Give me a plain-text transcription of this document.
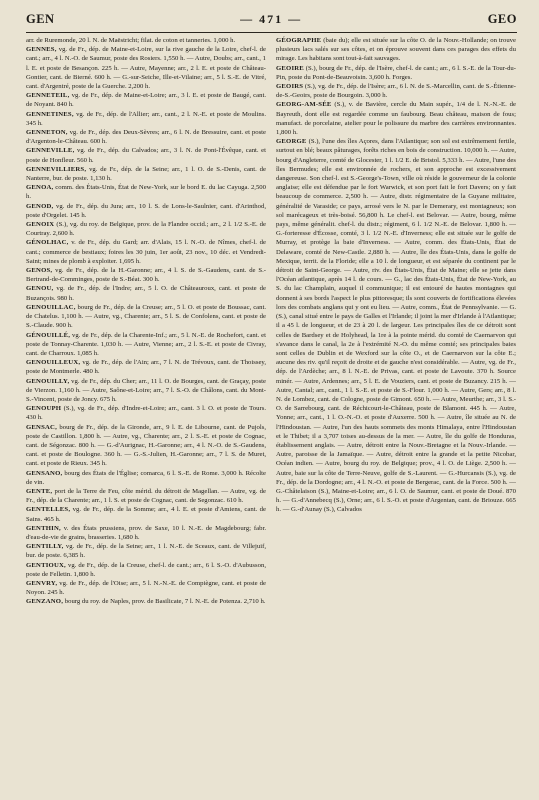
GEN	— 471 —	GEO

arr. de Ruremonde, 20 l. N. de Maëstricht; filat. de coton et tanneries. 1,000 h.

GENNES, vg. de Fr., dép. de Maine-et-Loire, sur la rive gauche de la Loire, chef-l. de cant.; arr., 4 l. N.-O. de Saumur, poste des Rosiers. 1,550 h. — Autre, Doubs; arr., cant., 1 l. E. et poste de Besançon. 225 h. — Autre, Mayenne; arr., 2 l. E. et poste de Château-Gontier, cant. de Bierné. 600 h. — G.-sur-Seiche, Ille-et-Vilaine; arr., 5 l. S.-E. de Vitré, cant. d'Argentré, poste de la Guerche. 2,200 h.

GENNETEIL, vg. de Fr., dép. de Maine-et-Loire; arr., 3 l. E. et poste de Baugé, cant. de Noyant. 840 h.

GENNETINES, vg. de Fr., dép. de l'Allier; arr., cant., 2 l. N.-E. et poste de Moulins. 345 h.

GENNETON, vg. de Fr., dép. des Deux-Sèvres; arr., 6 l. N. de Bressuire, cant. et poste d'Argenton-le-Château. 600 h.

GENNEVILLE, vg. de Fr., dép. du Calvados; arr., 3 l. N. de Pont-l'Évêque, cant. et poste de Honfleur. 560 h.

GENNEVILLIERS, vg. de Fr., dép. de la Seine; arr., 1 l. O. de S.-Denis, cant. de Nanterre, bur. de poste. 1,130 h.

GENOA, comm. des États-Unis, État de New-York, sur le bord E. du lac Cayuga. 2,500 h.

GENOD, vg. de Fr., dép. du Jura; arr., 10 l. S. de Lons-le-Saulnier, cant. d'Arinthod, poste d'Orgelet. 145 h.

GENOIX (S.), vg. du roy. de Belgique, prov. de la Flandre occid.; arr., 2 l. 1/2 S.-E. de Courtray. 2,600 h.

GÉNOLHAC, v. de Fr., dép. du Gard; arr. d'Alais, 15 l. N.-O. de Nîmes, chef-l. de cant.; commerce de bestiaux; foires les 30 juin, 1er août, 23 nov., 10 déc. et Vendredi-Saint; mines de plomb à exploiter. 1,695 h.

GENOS, vg. de Fr., dép. de la H.-Garonne; arr., 4 l. S. de S.-Gaudens, cant. de S.-Bertrand-de-Comminges, poste de S.-Béat. 300 h.

GENOU, vg. de Fr., dép. de l'Indre; arr., 5 l. O. de Châteauroux, cant. et poste de Buzançois. 980 h.

GENOUILLAC, bourg de Fr., dép. de la Creuse; arr., 5 l. O. et poste de Boussac, cant. de Chatelus. 1,100 h. — Autre, vg., Charente; arr., 5 l. S. de Confolens, cant. et poste de S.-Claude. 900 h.

GÉNOUILLÉ, vg. de Fr., dép. de la Charente-Inf.; arr., 5 l. N.-E. de Rochefort, cant. et poste de Tonnay-Charente. 1,030 h. — Autre, Vienne; arr., 2 l. S.-E. et poste de Civray, cant. de Charroux. 1,085 h.

GENOUILLEUX, vg. de Fr., dép. de l'Ain; arr., 7 l. N. de Trévoux, cant. de Thoissey, poste de Montmerle. 480 h.

GENOUILLY, vg. de Fr., dép. du Cher; arr., 11 l. O. de Bourges, cant. de Graçay, poste de Vierzon. 1,160 h. — Autre, Saône-et-Loire; arr., 7 l. S.-O. de Châlons, cant. du Mont-S.-Vincent, poste de Joncy. 675 h.

GENOUPH (S.), vg. de Fr., dép. d'Indre-et-Loire; arr., cant. 3 l. O. et poste de Tours. 430 h.

GENSAC, bourg de Fr., dép. de la Gironde, arr., 9 l. E. de Libourne, cant. de Pujols, poste de Castillon. 1,800 h. — Autre, vg., Charente; arr., 2 l. S.-E. et poste de Cognac, cant. de Ségonzac. 800 h. — G.-d'Aurignac, H.-Garonne; arr., 4 l. N.-O. de S.-Gaudens, cant. et poste de Boulogne. 360 h. — G.-S.-Julien, H.-Garonne; arr., 7 l. S. de Muret, cant. et poste de Rieux. 345 h.

GENSANO, bourg des États de l'Église; comarca, 6 l. S.-E. de Rome. 3,000 h. Récolte de vin.

GENTE, port de la Terre de Feu, côte mérid. du détroit de Magellan. — Autre, vg. de Fr., dép. de la Charente; arr., 1 l. S. et poste de Cognac, cant. de Segonzac. 610 h.

GENTELLES, vg. de Fr., dép. de la Somme; arr., 4 l. E. et poste d'Amiens, cant. de Sains. 465 h.

GENTHIN, v. des États prussiens, prov. de Saxe, 10 l. N.-E. de Magdebourg; fabr. d'eau-de-vie de grains, brasseries. 1,680 h.

GENTILLY, vg. de Fr., dép. de la Seine; arr., 1 l. N.-E. de Sceaux, cant. de Villejuif, bur. de poste. 6,385 h.

GENTIOUX, vg. de Fr., dép. de la Creuse, chef-l. de cant.; arr., 6 l. S.-O. d'Aubusson, poste de Felletin. 1,800 h.

GENVRY, vg. de Fr., dép. de l'Oise; arr., 5 l. N.-N.-E. de Compiègne, cant. et poste de Noyon. 245 h.

GENZANO, bourg du roy. de Naples, prov. de Basilicate, 7 l. N.-E. de Potenza. 2,710 h.

GÉOGRAPHE (baie du); elle est située sur la côte O. de la Nouv.-Hollande; on trouve plusieurs lacs salés sur ses côtes, et on éprouve souvent dans ces parages des effets du mirage. Les habitans sont tout-à-fait sauvages.

GEOIRE (S.), bourg de Fr., dép. de l'Isère, chef-l. de cant.; arr., 6 l. S.-E. de la Tour-du-Pin, poste du Pont-de-Beauvoisin. 3,600 h. Forges.

GEOIRS (S.), vg. de Fr., dép. de l'Isère; arr., 6 l. N. de S.-Marcellin, cant. de S.-Étienne-de-S.-Geoirs, poste de Bourgoin. 3,000 h.

GEORG-AM-SÉE (S.), v. de Bavière, cercle du Main supér., 1/4 de l. N.-N.-E. de Bayreuth, dont elle est regardée comme un faubourg. Beau château, maison de fous; manufact. de porcelaine, atelier pour le polissure du marbre des carrières environnantes. 1,800 h.

GEORGE (S.), l'une des îles Açores, dans l'Atlantique; son sol est extrêmement fertile, surtout en blé; beaux pâturages, forêts riches en bois de construction. 10,000 h. — Autre, bourg d'Angleterre, comté de Glocester, 1 l. 1/2 E. de Bristol. 5,333 h. — Autre, l'une des îles Bermudes; elle est environnée de rochers, et son approche est excessivement dangereuse. Son chef-l. est S.-George's-Town, ville où réside le gouverneur de la colonie anglaise; elle est défendue par le fort Warwick, et son port fait le fort Davers; on y fait beaucoup de commerce. 2,500 h. — Autre, distr. régimentaire de la Guyane militaire, généralité de Varaside; ce pays, arrosé vers le N. par le Demerary, est montagneux; son sol marécageux et très-boisé. 56,800 h. Le chef-l. est Belovar. — Autre, bourg, même pays, même généralit. chef-l. du distr.; régiment, 6 l. 1/2 N.-E. de Belovar. 1,800 h. — G.-forteresse d'Écosse, comté, 3 l. 1/2 N.-E. d'Inverness; elle est située sur le golfe de Murray, et protège la baie d'Inverness. — Autre, comm. des États-Unis, État de Delaware, comté de New-Castle. 2,880 h. — Autre, île des États-Unis, dans le golfe de Mexique, territ. de la Floride; elle a 10 l. de longueur, et est séparée du continent par le détroit de Saint-George. — Autre, riv. des États-Unis, État de Maine; elle se jette dans l'Océan atlantique, après 14 l. de cours. — G., lac des États-Unis, État de New-York, au S. du lac Champlain, auquel il communique; il est entouré de hautes montagnes qui donnent à ses bords l'aspect le plus pittoresque; ils sont couverts de fortifications élevées lors des combats anglans qui y ont eu lieu. — Autre, comm., État de Pennsylvanie. — G. (S.), canal situé entre le pays de Galles et l'Irlande; il joint la mer d'Irlande à l'Atlantique; il a 45 l. de longueur, et de 23 à 20 l. de largeur. Les principales îles de ce détroit sont celles de Bardsey et de Holyhead, la 1re à la pointe mérid. du comté de Caernarvon qui s'avance dans le canal, la 2e à l'extrémité N.-O. du même comté; ses principales baies sont celles de Dublin et de Wexford sur la côte O., et de Caernarvon sur la côte E.; aucune des riv. qu'il reçoit de droite et de gauche n'est considérable. — Autre, vg. de Fr., dép. de l'Ardèche; arr., 8 l. N.-E. de Privas, cant. et poste de Lavoute. 370 h. Source minér. — Autre, Ardennes; arr., 5 l. E. de Vouziers, cant. et poste de Buzancy. 215 h. — Autre, Cantal; arr., cant., 1 l. S.-E. et poste de S.-Flour. 1,000 h. — Autre, Gers; arr., 8 l. N. de Lombez, cant. de Cologne, poste de Gimont. 650 h. — Autre, Meurthe; arr., 3 l. S.-O. de Sarrebourg, cant. de Réchicourt-le-Château, poste de Blamont. 445 h. — Autre, Yonne; arr., cant., 1 l. O.-N.-O. et poste d'Auxerre. 500 h. — Autre, île située au N. de l'Hindoustan. — Autre, l'un des hauts sommets des monts Himalaya, entre l'Hindoustan et le Thibet; il a 3,707 toises au-dessus de la mer. — Autre, île du golfe de Honduras, établissement anglais. — Autre, détroit entre la Nouv.-Bretagne et la Nouv.-Irlande. — Autre, paroisse de la Jamaïque. — Autre, détroit entre la grande et la petite Nicobar, Océan indien. — Autre, bourg du roy. de Belgique; prov., 4 l. O. de Liège. 2,500 h. — Autre, baie sur la côte de Terre-Neuve, golfe de S.-Laurent. — G.-Hurcansis (S.), vg. de Fr., dép. de la Dordogne; arr., 4 l. N.-O. et poste de Bergerac, cant. de la Force. 500 h. — G.-Châtelaison (S.), Maine-et-Loire; arr., 6 l. O. de Saumur, cant. et poste de Doué. 870 h. — G.-d'Annebecq (S.), Orne; arr., 6 l. S.-O. et poste d'Argentan, cant. de Briouze. 665 h. — G.-d'Aunay (S.), Calvados
